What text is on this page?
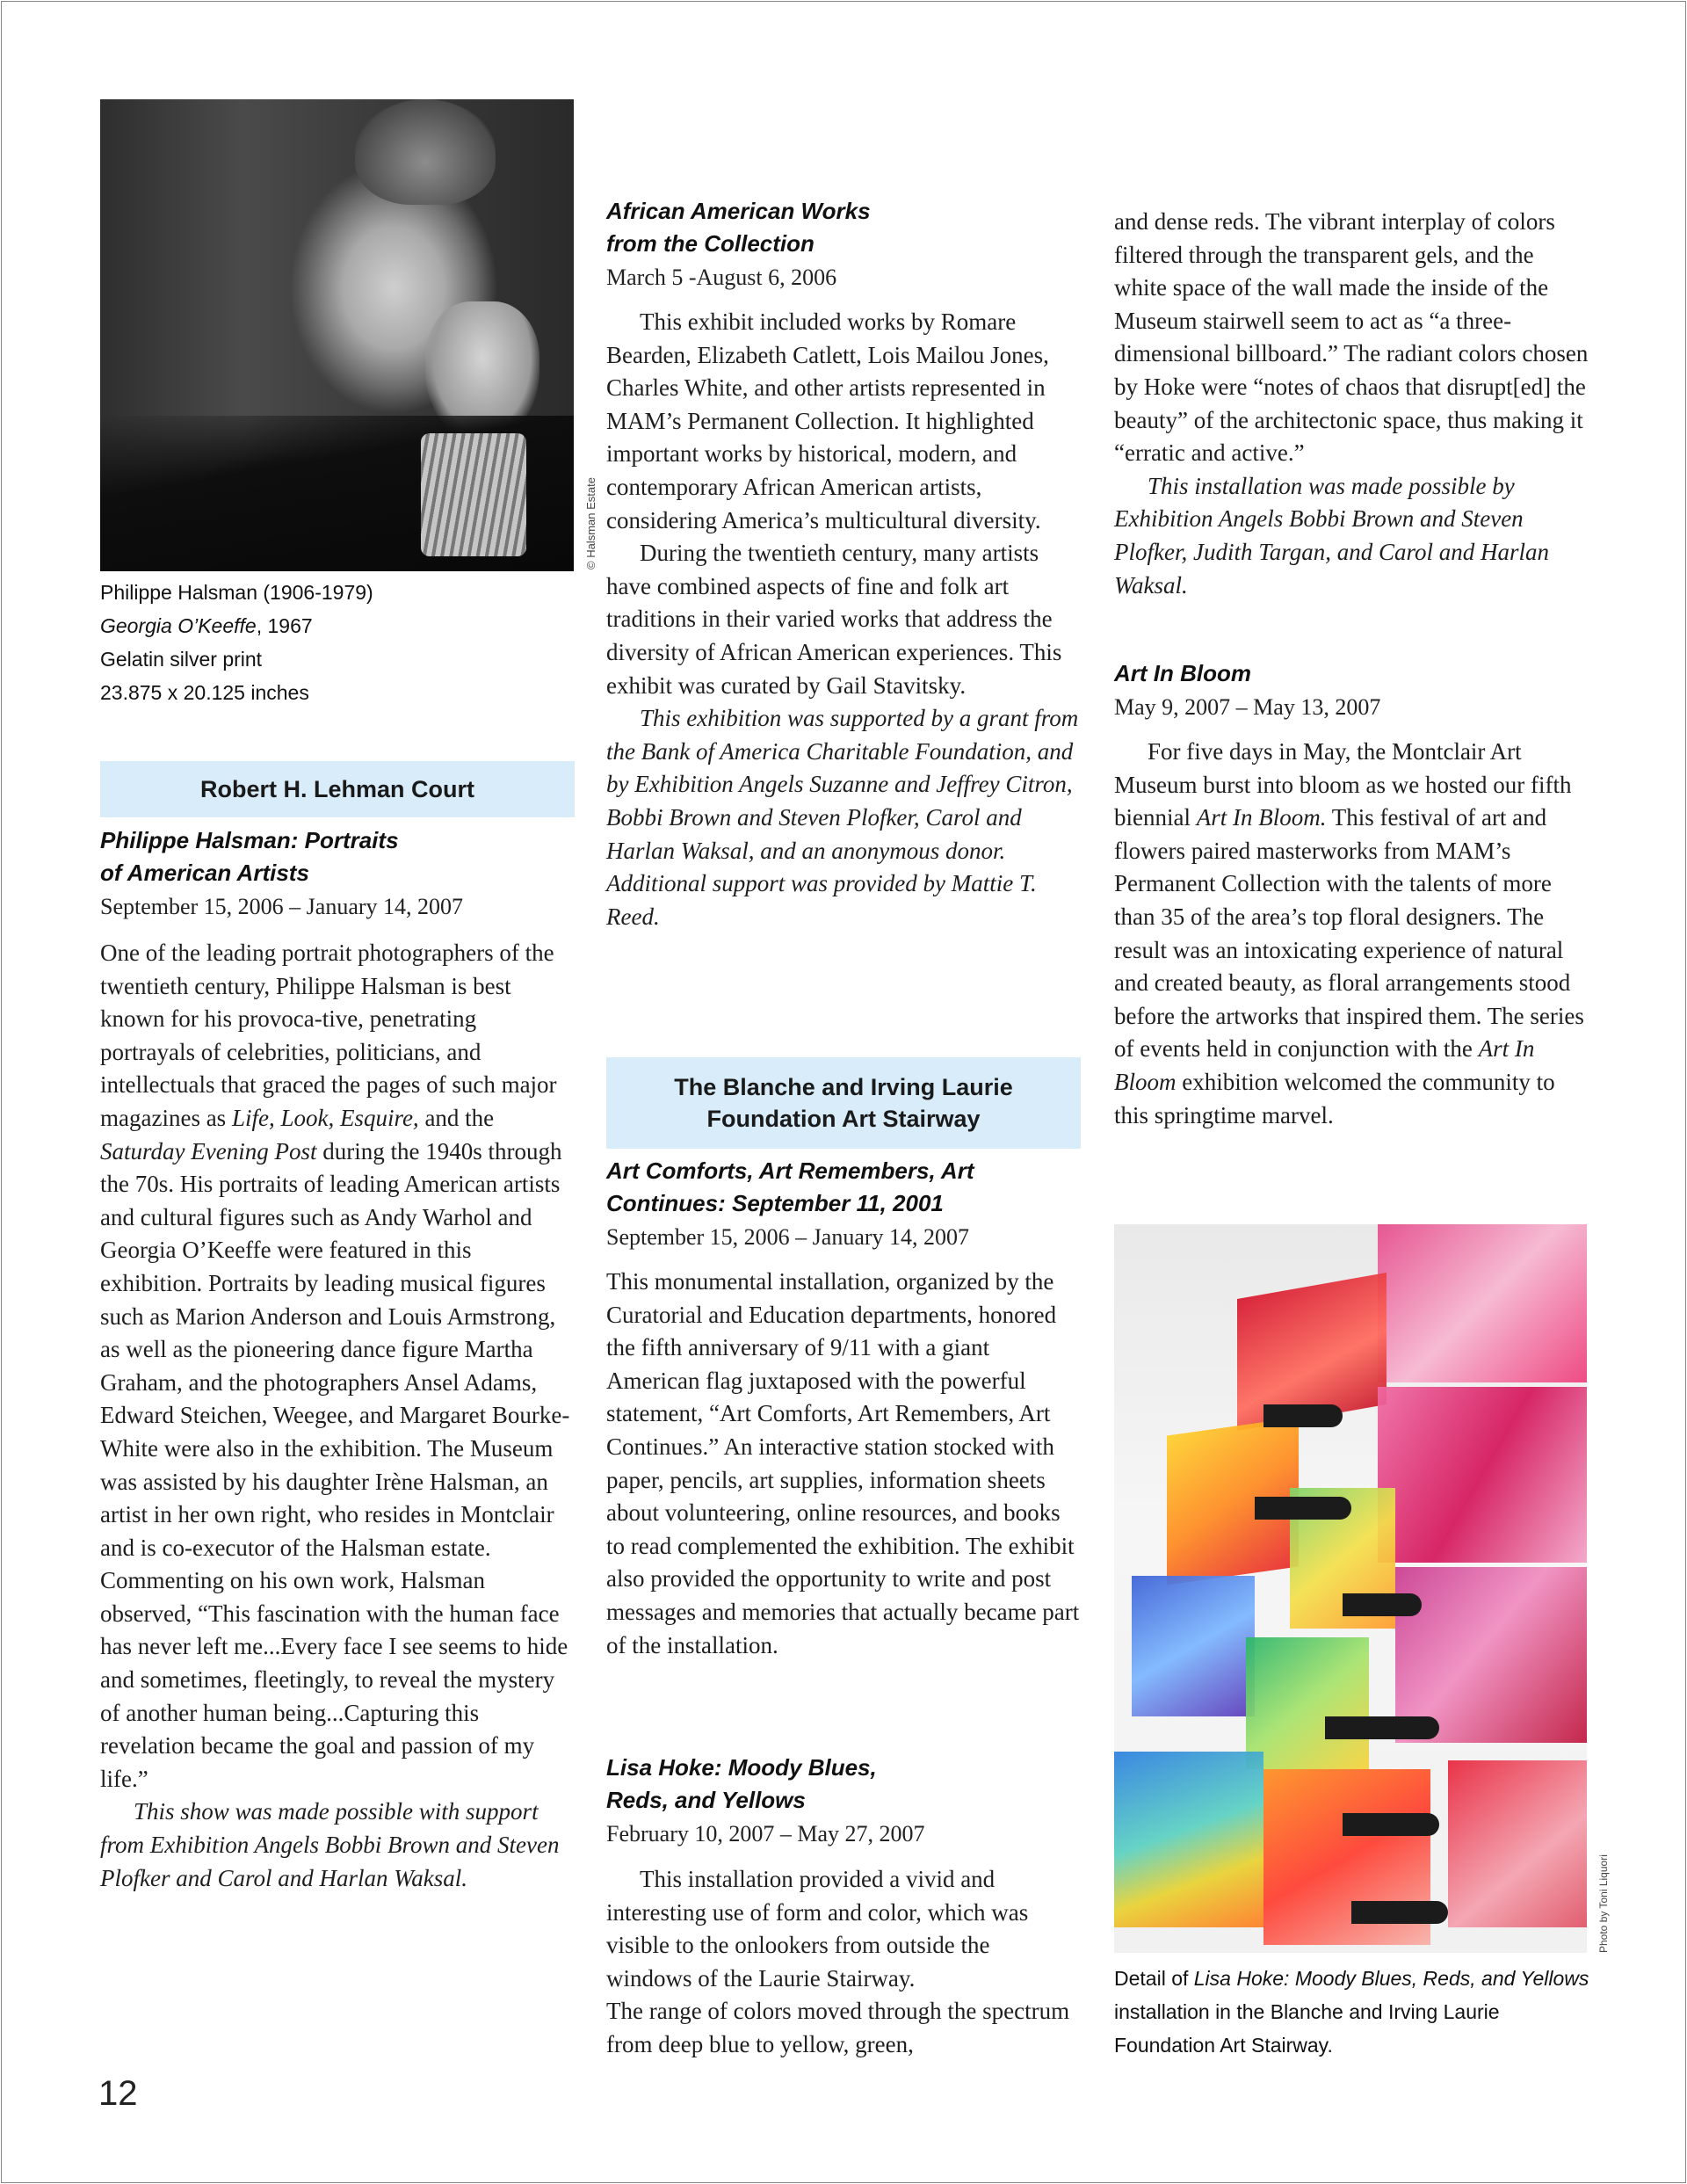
© Halsman Estate
Philippe Halsman (1906-1979)
Georgia O’Keeffe, 1967
Gelatin silver print
23.875 x 20.125 inches
Robert H. Lehman Court
Philippe Halsman: Portraits
of American Artists
September 15, 2006 – January 14, 2007

One of the leading portrait photographers of the twentieth century, Philippe Halsman is best known for his provoca-tive, penetrating portrayals of celebrities, politicians, and intellectuals that graced the pages of such major magazines as Life, Look, Esquire, and the Saturday Evening Post during the 1940s through the 70s. His portraits of leading American artists and cultural figures such as Andy Warhol and Georgia O’Keeffe were featured in this exhibition. Portraits by leading musical figures such as Marion Anderson and Louis Armstrong, as well as the pioneering dance figure Martha Graham, and the photographers Ansel Adams, Edward Steichen, Weegee, and Margaret Bourke-White were also in the exhibition. The Museum was assisted by his daughter Irène Halsman, an artist in her own right, who resides in Montclair and is co-executor of the Halsman estate. Commenting on his own work, Halsman observed, “This fascination with the human face has never left me...Every face I see seems to hide and sometimes, fleetingly, to reveal the mystery of another human being...Capturing this revelation became the goal and passion of my life.”

This show was made possible with support from Exhibition Angels Bobbi Brown and Steven Plofker and Carol and Harlan Waksal.

African American Works
from the Collection
March 5 -August 6, 2006

This exhibit included works by Romare Bearden, Elizabeth Catlett, Lois Mailou Jones, Charles White, and other artists represented in MAM’s Permanent Collection. It highlighted important works by historical, modern, and contemporary African American artists, considering America’s multicultural diversity.

During the twentieth century, many artists have combined aspects of fine and folk art traditions in their varied works that address the diversity of African American experiences. This exhibit was curated by Gail Stavitsky.

This exhibition was supported by a grant from the Bank of America Charitable Foundation, and by Exhibition Angels Suzanne and Jeffrey Citron, Bobbi Brown and Steven Plofker, Carol and Harlan Waksal, and an anonymous donor. Additional support was provided by Mattie T. Reed.

The Blanche and Irving Laurie
Foundation Art Stairway
Art Comforts, Art Remembers, Art
Continues: September 11, 2001
September 15, 2006 – January 14, 2007

This monumental installation, organized by the Curatorial and Education departments, honored the fifth anniversary of 9/11 with a giant American flag juxtaposed with the powerful statement, “Art Comforts, Art Remembers, Art Continues.” An interactive station stocked with paper, pencils, art supplies, information sheets about volunteering, online resources, and books to read complemented the exhibition. The exhibit also provided the opportunity to write and post messages and memories that actually became part of the installation.

Lisa Hoke: Moody Blues,
Reds, and Yellows
February 10, 2007 – May 27, 2007

This installation provided a vivid and interesting use of form and color, which was visible to the onlookers from outside the windows of the Laurie Stairway.

The range of colors moved through the spectrum from deep blue to yellow, green,

and dense reds. The vibrant interplay of colors filtered through the transparent gels, and the white space of the wall made the inside of the Museum stairwell seem to act as “a three-dimensional billboard.” The radiant colors chosen by Hoke were “notes of chaos that disrupt[ed] the beauty” of the architectonic space, thus making it “erratic and active.”

This installation was made possible by Exhibition Angels Bobbi Brown and Steven Plofker, Judith Targan, and Carol and Harlan Waksal.

Art In Bloom
May 9, 2007 – May 13, 2007

For five days in May, the Montclair Art Museum burst into bloom as we hosted our fifth biennial Art In Bloom. This festival of art and flowers paired masterworks from MAM’s Permanent Collection with the talents of more than 35 of the area’s top floral designers. The result was an intoxicating experience of natural and created beauty, as floral arrangements stood before the artworks that inspired them. The series of events held in conjunction with the Art In Bloom exhibition welcomed the community to this springtime marvel.

Photo by Toni Liquori
Detail of Lisa Hoke: Moody Blues, Reds, and Yellows installation in the Blanche and Irving Laurie Foundation Art Stairway.
12
